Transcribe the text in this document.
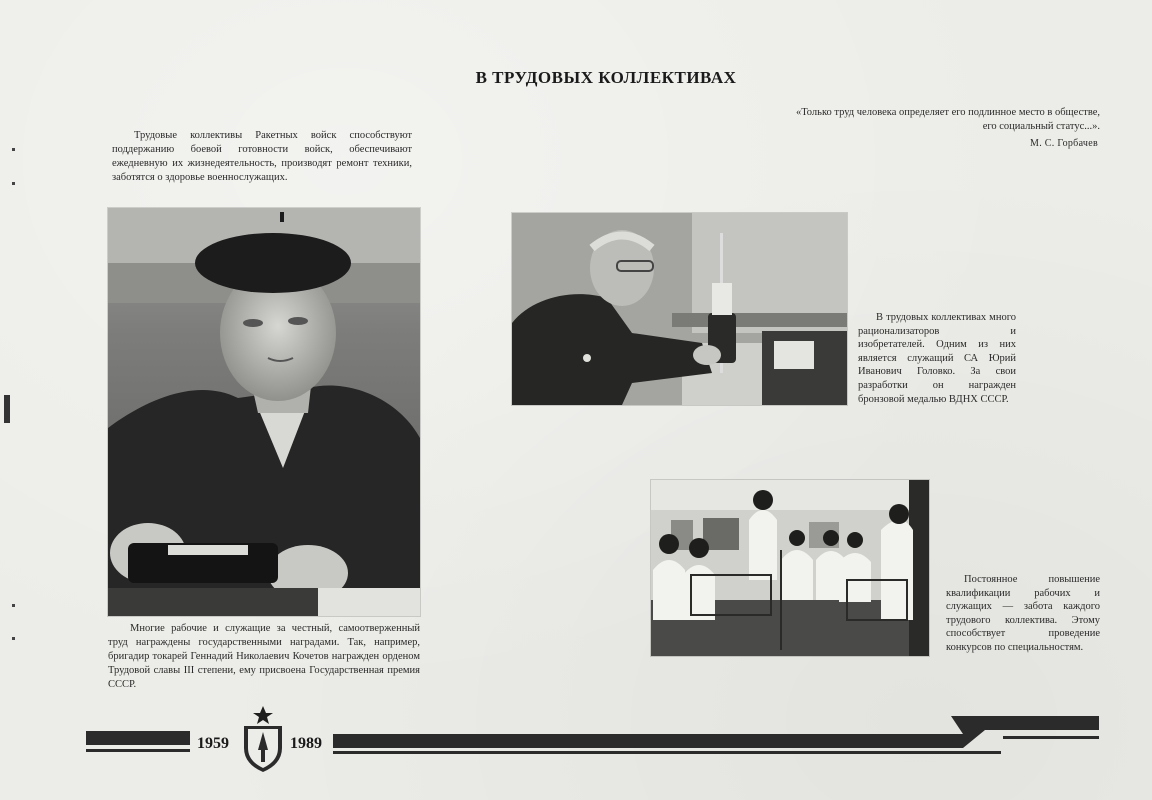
В ТРУДОВЫХ КОЛЛЕКТИВАХ
«Только труд человека определяет его подлинное место в обществе, его социальный статус...».
М. С. Горбачев
Трудовые коллективы Ракетных войск способствуют поддержанию боевой готовности войск, обеспечивают ежедневную их жизнедеятельность, производят ремонт техники, заботятся о здоровье военнослужащих.
В трудовых коллективах много рационализаторов и изобретателей. Одним из них является служащий СА Юрий Иванович Головко. За свои разработки он награжден бронзовой медалью ВДНХ СССР.
Постоянное повышение квалификации рабочих и служащих — забота каждого трудового коллектива. Этому способствует проведение конкурсов по специальностям.
Многие рабочие и служащие за честный, самоотверженный труд награждены государственными наградами. Так, например, бригадир токарей Геннадий Николаевич Кочетов награжден орденом Трудовой славы III степени, ему присвоена Государственная премия СССР.
1959	1989
